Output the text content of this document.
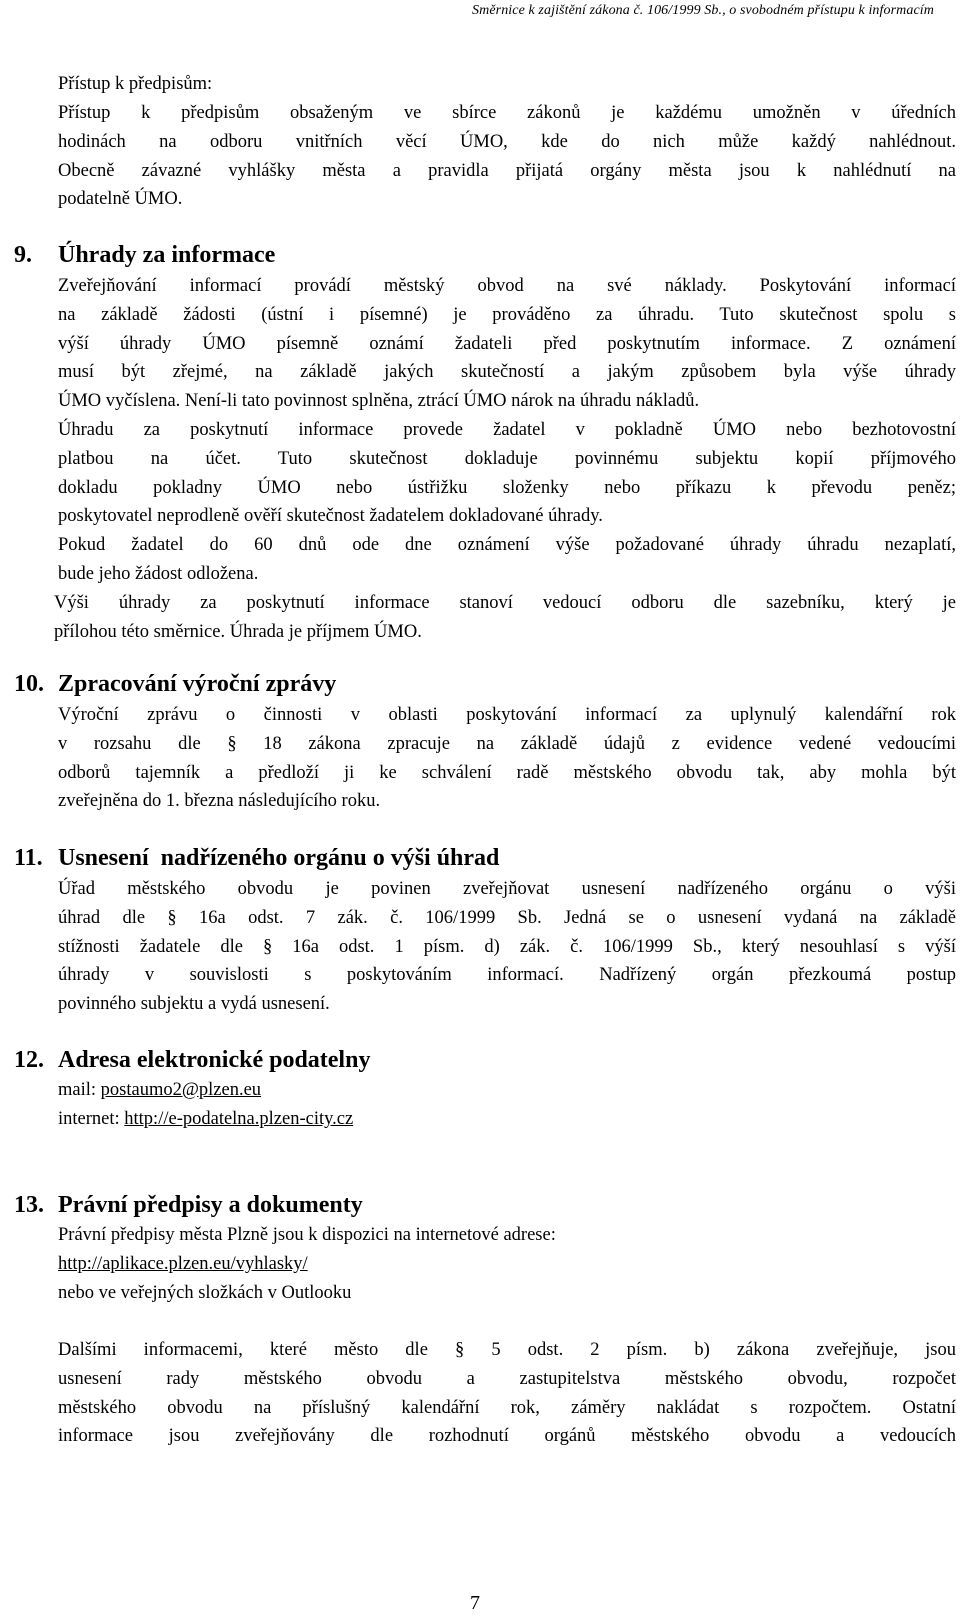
Směrnice k zajištění zákona č. 106/1999 Sb., o svobodném přístupu k informacím

Přístup k předpisům:

Přístup k předpisům obsaženým ve sbírce zákonů je každému umožněn v úředních
hodinách na odboru vnitřních věcí ÚMO, kde do nich může každý nahlédnout.
Obecně závazné vyhlášky města a pravidla přijatá orgány města jsou k nahlédnutí na
podatelně ÚMO.
9. Úhrady za informace
Zveřejňování informací provádí městský obvod na své náklady. Poskytování informací
na základě žádosti (ústní i písemné) je prováděno za úhradu. Tuto skutečnost spolu s
výší úhrady ÚMO písemně oznámí žadateli před poskytnutím informace. Z oznámení
musí být zřejmé, na základě jakých skutečností a jakým způsobem byla výše úhrady
ÚMO vyčíslena. Není-li tato povinnost splněna, ztrácí ÚMO nárok na úhradu nákladů.
Úhradu za poskytnutí informace provede žadatel v pokladně ÚMO nebo bezhotovostní
platbou na účet. Tuto skutečnost dokladuje povinnému subjektu kopií příjmového
dokladu pokladny ÚMO nebo ústřižku složenky nebo příkazu k převodu peněz;
poskytovatel neprodleně ověří skutečnost žadatelem dokladované úhrady.
Pokud žadatel do 60 dnů ode dne oznámení výše požadované úhrady úhradu nezaplatí,
bude jeho žádost odložena.
Výši úhrady za poskytnutí informace stanoví vedoucí odboru dle sazebníku, který je
přílohou této směrnice. Úhrada je příjmem ÚMO.
10. Zpracování výroční zprávy
Výroční zprávu o činnosti v oblasti poskytování informací za uplynulý kalendářní rok
v rozsahu dle § 18 zákona zpracuje na základě údajů z evidence vedené vedoucími
odborů tajemník a předloží ji ke schválení radě městského obvodu tak, aby mohla být
zveřejněna do 1. března následujícího roku.
11. Usnesení  nadřízeného orgánu o výši úhrad
Úřad městského obvodu je povinen zveřejňovat usnesení nadřízeného orgánu o výši
úhrad dle § 16a odst. 7 zák. č. 106/1999 Sb. Jedná se o usnesení vydaná na základě
stížnosti žadatele dle § 16a odst. 1 písm. d) zák. č. 106/1999 Sb., který nesouhlasí s výší
úhrady v souvislosti s poskytováním informací. Nadřízený orgán přezkoumá postup
povinného subjektu a vydá usnesení.
12. Adresa elektronické podatelny
mail: postaumo2@plzen.eu
internet: http://e-podatelna.plzen-city.cz
13. Právní předpisy a dokumenty
Právní předpisy města Plzně jsou k dispozici na internetové adrese:
http://aplikace.plzen.eu/vyhlasky/
nebo ve veřejných složkách v Outlooku
Dalšími informacemi, které město dle § 5 odst. 2 písm. b) zákona zveřejňuje, jsou
usnesení rady městského obvodu a zastupitelstva městského obvodu, rozpočet
městského obvodu na příslušný kalendářní rok, záměry nakládat s rozpočtem. Ostatní
informace jsou zveřejňovány dle rozhodnutí orgánů městského obvodu a vedoucích
7
